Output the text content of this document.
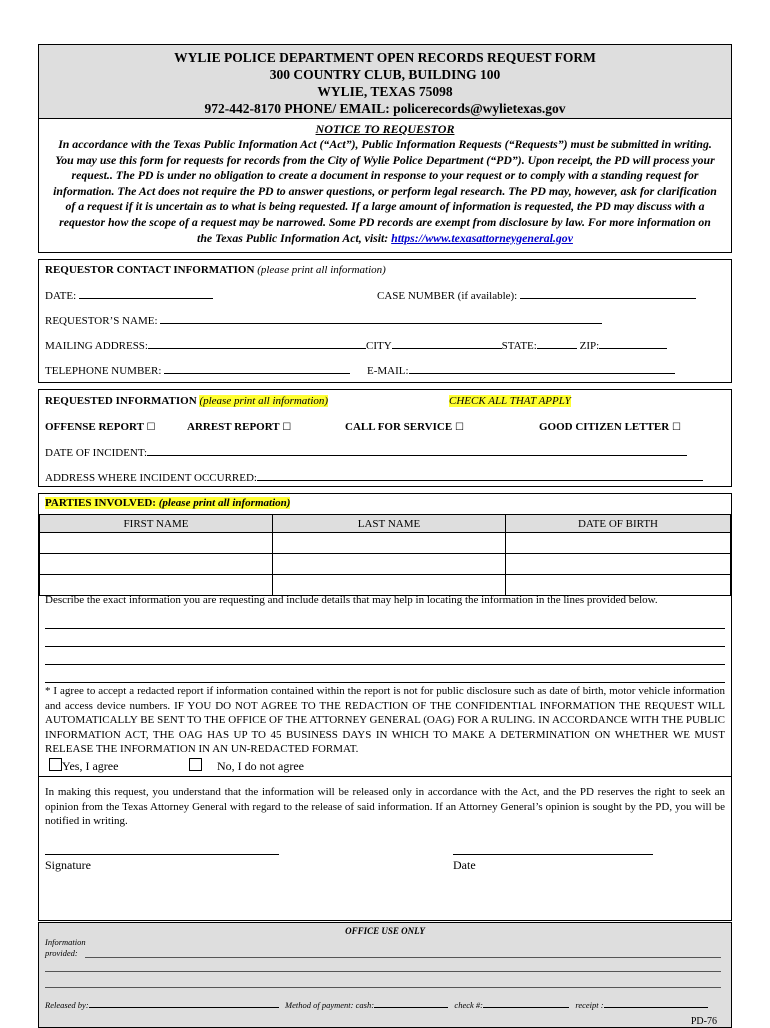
WYLIE POLICE DEPARTMENT OPEN RECORDS REQUEST FORM
300 COUNTRY CLUB, BUILDING 100
WYLIE, TEXAS 75098
972-442-8170 PHONE/ EMAIL: policerecords@wylietexas.gov
NOTICE TO REQUESTOR
In accordance with the Texas Public Information Act (“Act”), Public Information Requests (“Requests”) must be submitted in writing. You may use this form for requests for records from the City of Wylie Police Department (“PD”). Upon receipt, the PD will process your request.. The PD is under no obligation to create a document in response to your request or to comply with a standing request for information. The Act does not require the PD to answer questions, or perform legal research. The PD may, however, ask for clarification of a request if it is uncertain as to what is being requested. If a large amount of information is requested, the PD may discuss with a requestor how the scope of a request may be narrowed. Some PD records are exempt from disclosure by law. For more information on the Texas Public Information Act, visit: https://www.texasattorneygeneral.gov
REQUESTOR CONTACT INFORMATION (please print all information)
DATE:	CASE NUMBER (if available):
REQUESTOR’S NAME:
MAILING ADDRESS:	CITY	STATE:	ZIP:
TELEPHONE NUMBER:	E-MAIL:
REQUESTED INFORMATION (please print all information)	CHECK ALL THAT APPLY
OFFENSE REPORT ☐	ARREST REPORT ☐	CALL FOR SERVICE ☐	GOOD CITIZEN LETTER ☐
DATE OF INCIDENT:
ADDRESS WHERE INCIDENT OCCURRED:
PARTIES INVOLVED: (please print all information)
FIRST NAME	LAST NAME	DATE OF BIRTH

Describe the exact information you are requesting and include details that may help in locating the information in the lines provided below.
* I agree to accept a redacted report if information contained within the report is not for public disclosure such as date of birth, motor vehicle information and access device numbers. IF YOU DO NOT AGREE TO THE REDACTION OF THE CONFIDENTIAL INFORMATION THE REQUEST WILL AUTOMATICALLY BE SENT TO THE OFFICE OF THE ATTORNEY GENERAL (OAG) FOR A RULING. IN ACCORDANCE WITH THE PUBLIC INFORMATION ACT, THE OAG HAS UP TO 45 BUSINESS DAYS IN WHICH TO MAKE A DETERMINATION ON WHETHER WE MUST RELEASE THE INFORMATION IN AN UN-REDACTED FORMAT.
Yes, I agree	No, I do not agree
In making this request, you understand that the information will be released only in accordance with the Act, and the PD reserves the right to seek an opinion from the Texas Attorney General with regard to the release of said information. If an Attorney General’s opinion is sought by the PD, you will be notified in writing.
Signature	Date
OFFICE USE ONLY
Information
provided:
Released by:	Method of payment: cash:	check #:	receipt :
PD-76
